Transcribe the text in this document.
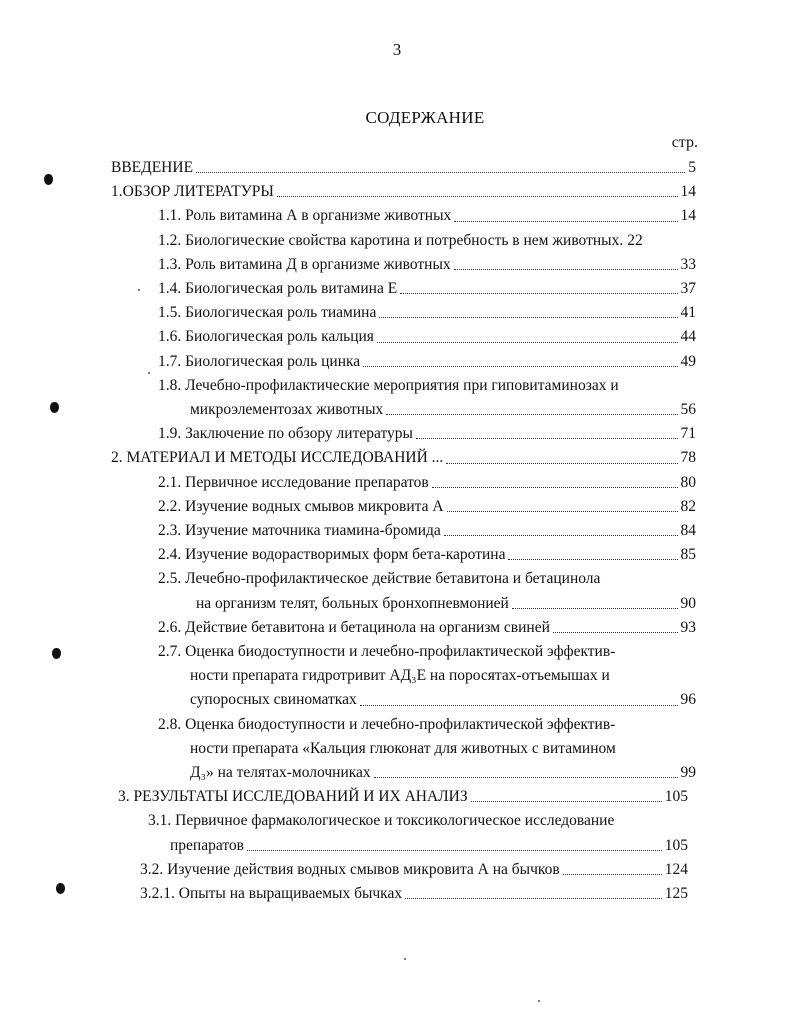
3
СОДЕРЖАНИЕ
стр.
ВВЕДЕНИЕ	5
1.ОБЗОР ЛИТЕРАТУРЫ	14
1.1. Роль витамина А в организме животных	14
1.2. Биологические свойства каротина и потребность в нем животных. 22
1.3. Роль витамина Д в организме животных	33
1.4. Биологическая роль витамина Е	37
1.5. Биологическая роль тиамина	41
1.6. Биологическая роль кальция	44
1.7. Биологическая роль цинка	49
1.8. Лечебно-профилактические мероприятия при гиповитаминозах и
микроэлементозах животных	56
1.9. Заключение по обзору литературы	71
2. МАТЕРИАЛ И МЕТОДЫ ИССЛЕДОВАНИЙ ...	78
2.1. Первичное исследование препаратов	80
2.2. Изучение водных смывов микровита А	82
2.3. Изучение маточника тиамина-бромида	84
2.4. Изучение водорастворимых форм бета-каротина	85
2.5. Лечебно-профилактическое действие бетавитона и бетацинола
на организм телят, больных бронхопневмонией	90
2.6. Действие бетавитона и бетацинола на организм свиней	93
2.7. Оценка биодоступности и лечебно-профилактической эффектив-
ности препарата гидротривит АД₃Е на поросятах-отъемышах и
супоросных свиноматках	96
2.8. Оценка биодоступности и лечебно-профилактической эффектив-
ности препарата «Кальция глюконат для животных с витамином
Д₃» на телятах-молочниках	99
3. РЕЗУЛЬТАТЫ ИССЛЕДОВАНИЙ И ИХ АНАЛИЗ	105
3.1. Первичное фармакологическое и токсикологическое исследование
препаратов	105
3.2. Изучение действия водных смывов микровита А на бычков	124
3.2.1. Опыты на выращиваемых бычках	125
